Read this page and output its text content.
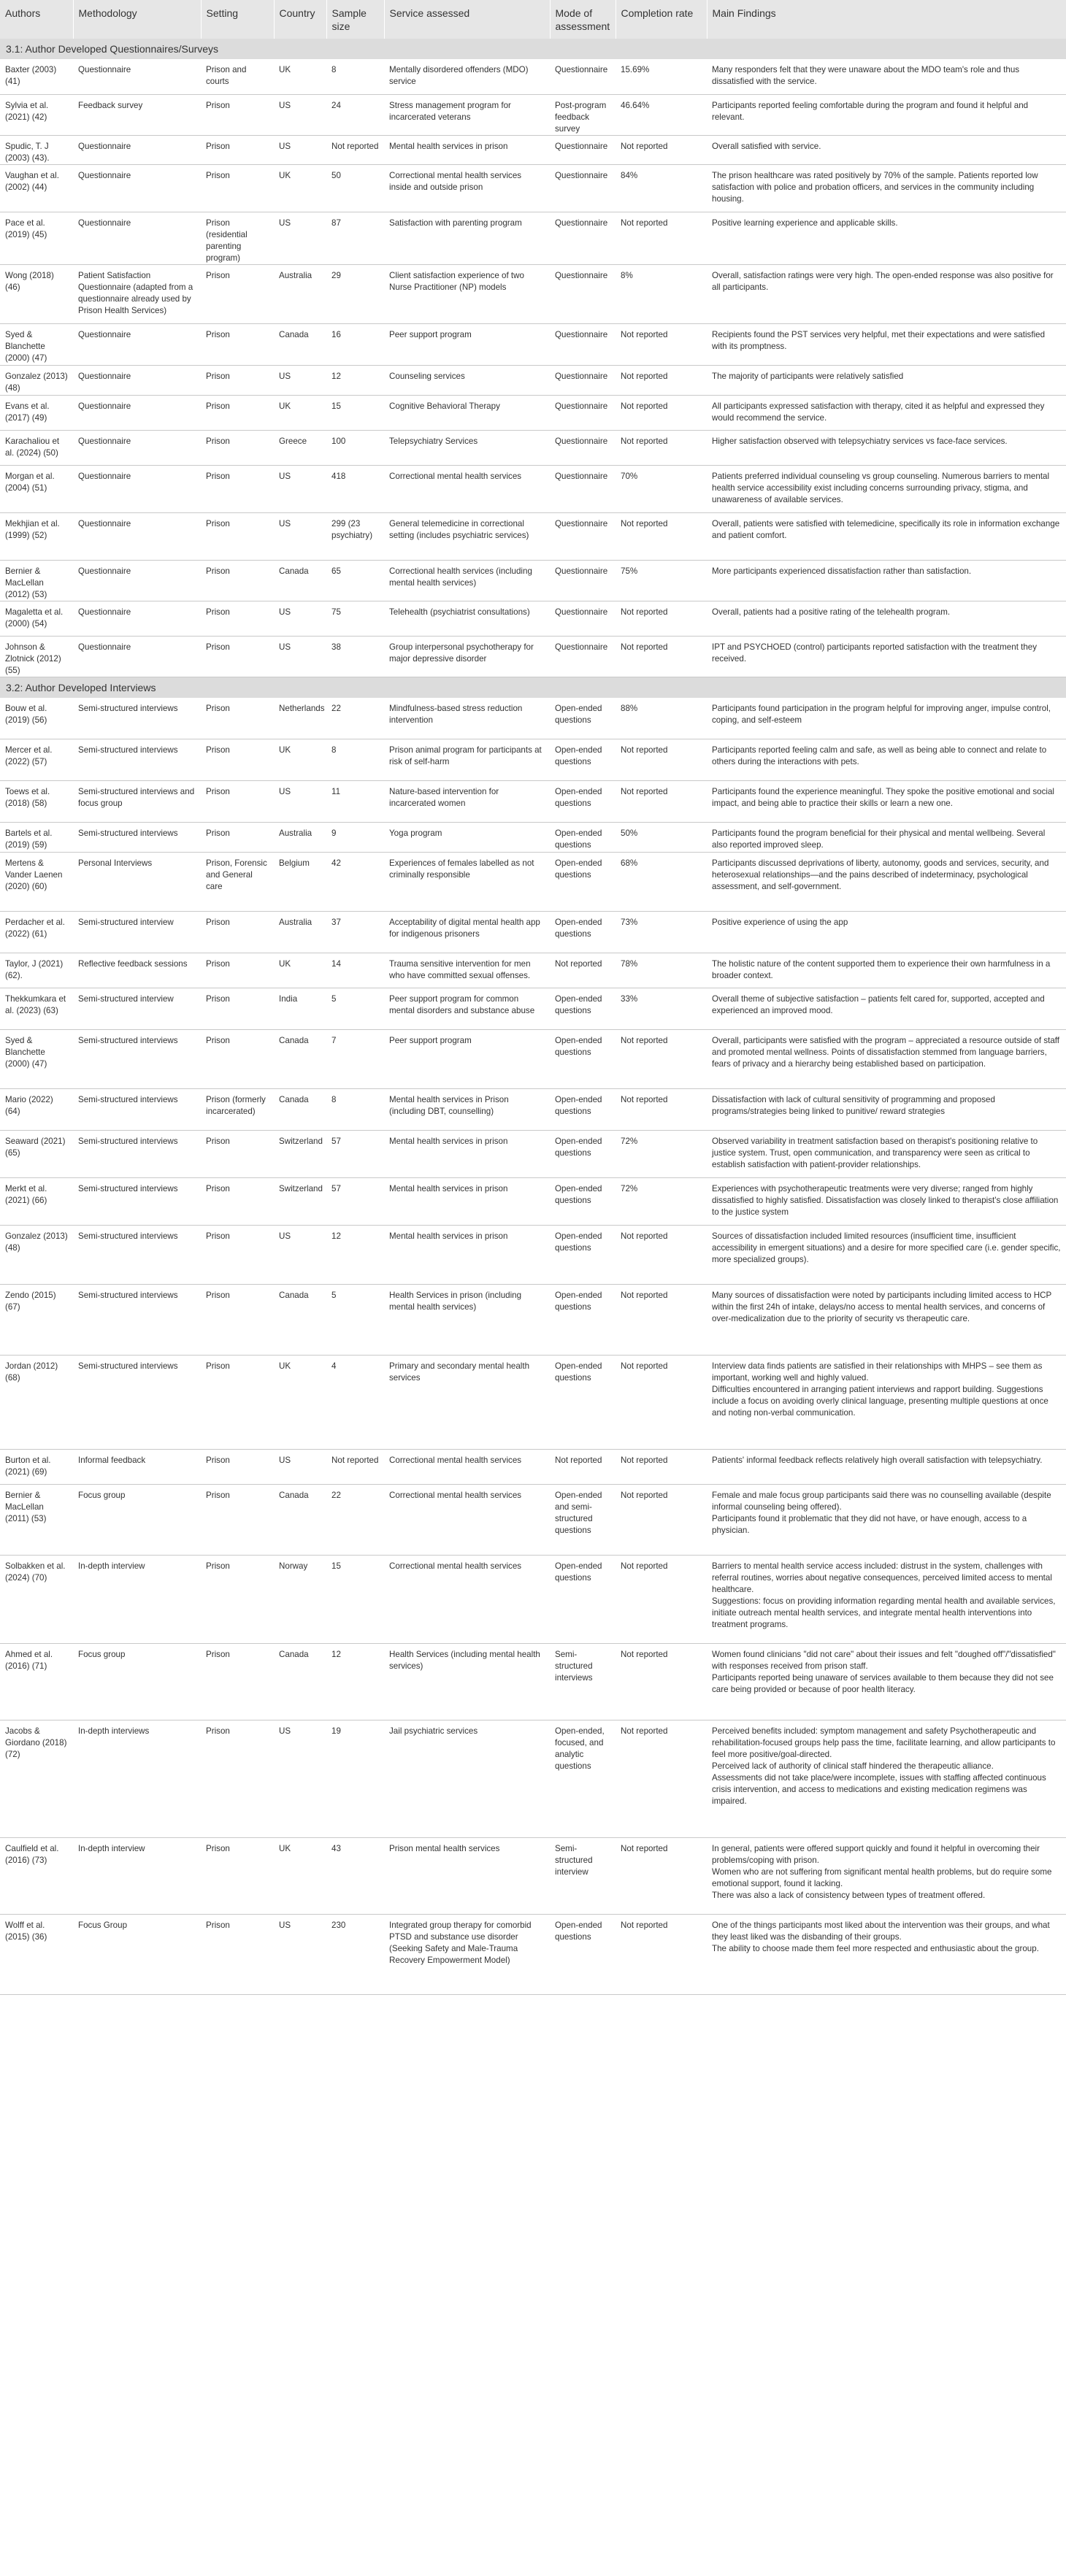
Authors	Methodology	Setting	Country	Sample size	Service assessed	Mode of assessment	Completion rate	Main Findings
3.1: Author Developed Questionnaires/Surveys								
Baxter (2003) (41)	Questionnaire	Prison and courts	UK	8	Mentally disordered offenders (MDO) service	Questionnaire	15.69%	Many responders felt that they were unaware about the MDO team's role and thus dissatisfied with the service.
Sylvia et al. (2021) (42)	Feedback survey	Prison	US	24	Stress management program for incarcerated veterans	Post-program feedback survey	46.64%	Participants reported feeling comfortable during the program and found it helpful and relevant.
Spudic, T. J (2003) (43).	Questionnaire	Prison	US	Not reported	Mental health services in prison	Questionnaire	Not reported	Overall satisfied with service.
Vaughan et al. (2002) (44)	Questionnaire	Prison	UK	50	Correctional mental health services inside and outside prison	Questionnaire	84%	The prison healthcare was rated positively by 70% of the sample. Patients reported low satisfaction with police and probation officers, and services in the community including housing.
Pace et al. (2019) (45)	Questionnaire	Prison (residential parenting program)	US	87	Satisfaction with parenting program	Questionnaire	Not reported	Positive learning experience and applicable skills.
Wong (2018) (46)	Patient Satisfaction Questionnaire (adapted from a questionnaire already used by Prison Health Services)	Prison	Australia	29	Client satisfaction experience of two Nurse Practitioner (NP) models	Questionnaire	8%	Overall, satisfaction ratings were very high. The open-ended response was also positive for all participants.
Syed & Blanchette (2000) (47)	Questionnaire	Prison	Canada	16	Peer support program	Questionnaire	Not reported	Recipients found the PST services very helpful, met their expectations and were satisfied with its promptness.
Gonzalez (2013) (48)	Questionnaire	Prison	US	12	Counseling services	Questionnaire	Not reported	The majority of participants were relatively satisfied
Evans et al. (2017) (49)	Questionnaire	Prison	UK	15	Cognitive Behavioral Therapy	Questionnaire	Not reported	All participants expressed satisfaction with therapy, cited it as helpful and expressed they would recommend the service.
Karachaliou et al. (2024) (50)	Questionnaire	Prison	Greece	100	Telepsychiatry Services	Questionnaire	Not reported	Higher satisfaction observed with telepsychiatry services vs face-face services.
Morgan et al. (2004) (51)	Questionnaire	Prison	US	418	Correctional mental health services	Questionnaire	70%	Patients preferred individual counseling vs group counseling. Numerous barriers to mental health service accessibility exist including concerns surrounding privacy, stigma, and unawareness of available services.
Mekhjian et al. (1999) (52)	Questionnaire	Prison	US	299 (23 psychiatry)	General telemedicine in correctional setting (includes psychiatric services)	Questionnaire	Not reported	Overall, patients were satisfied with telemedicine, specifically its role in information exchange and patient comfort.
Bernier & MacLellan (2012) (53)	Questionnaire	Prison	Canada	65	Correctional health services (including mental health services)	Questionnaire	75%	More participants experienced dissatisfaction rather than satisfaction.
Magaletta et al. (2000) (54)	Questionnaire	Prison	US	75	Telehealth (psychiatrist consultations)	Questionnaire	Not reported	Overall, patients had a positive rating of the telehealth program.
Johnson & Zlotnick (2012) (55)	Questionnaire	Prison	US	38	Group interpersonal psychotherapy for major depressive disorder	Questionnaire	Not reported	IPT and PSYCHOED (control) participants reported satisfaction with the treatment they received.
3.2: Author Developed Interviews								
Bouw et al. (2019) (56)	Semi-structured interviews	Prison	Netherlands	22	Mindfulness-based stress reduction intervention	Open-ended questions	88%	Participants found participation in the program helpful for improving anger, impulse control, coping, and self-esteem
Mercer et al. (2022) (57)	Semi-structured interviews	Prison	UK	8	Prison animal program for participants at risk of self-harm	Open-ended questions	Not reported	Participants reported feeling calm and safe, as well as being able to connect and relate to others during the interactions with pets.
Toews et al. (2018) (58)	Semi-structured interviews and focus group	Prison	US	11	Nature-based intervention for incarcerated women	Open-ended questions	Not reported	Participants found the experience meaningful. They spoke the positive emotional and social impact, and being able to practice their skills or learn a new one.
Bartels et al. (2019) (59)	Semi-structured interviews	Prison	Australia	9	Yoga program	Open-ended questions	50%	Participants found the program beneficial for their physical and mental wellbeing. Several also reported improved sleep.
Mertens & Vander Laenen (2020) (60)	Personal Interviews	Prison, Forensic and General care	Belgium	42	Experiences of females labelled as not criminally responsible	Open-ended questions	68%	Participants discussed deprivations of liberty, autonomy, goods and services, security, and heterosexual relationships—and the pains described of indeterminacy, psychological assessment, and self-government.
Perdacher et al. (2022) (61)	Semi-structured interview	Prison	Australia	37	Acceptability of digital mental health app for indigenous prisoners	Open-ended questions	73%	Positive experience of using the app
Taylor, J (2021) (62).	Reflective feedback sessions	Prison	UK	14	Trauma sensitive intervention for men who have committed sexual offenses.	Not reported	78%	The holistic nature of the content supported them to experience their own harmfulness in a broader context.
Thekkumkara et al. (2023) (63)	Semi-structured interview	Prison	India	5	Peer support program for common mental disorders and substance abuse	Open-ended questions	33%	Overall theme of subjective satisfaction – patients felt cared for, supported, accepted and experienced an improved mood.
Syed & Blanchette (2000) (47)	Semi-structured interviews	Prison	Canada	7	Peer support program	Open-ended questions	Not reported	Overall, participants were satisfied with the program – appreciated a resource outside of staff and promoted mental wellness. Points of dissatisfaction stemmed from language barriers, fears of privacy and a hierarchy being established based on participation.
Mario (2022) (64)	Semi-structured interviews	Prison (formerly incarcerated)	Canada	8	Mental health services in Prison (including DBT, counselling)	Open-ended questions	Not reported	Dissatisfaction with lack of cultural sensitivity of programming and proposed programs/strategies being linked to punitive/ reward strategies
Seaward (2021) (65)	Semi-structured interviews	Prison	Switzerland	57	Mental health services in prison	Open-ended questions	72%	Observed variability in treatment satisfaction based on therapist's positioning relative to justice system. Trust, open communication, and transparency were seen as critical to establish satisfaction with patient-provider relationships.
Merkt et al. (2021) (66)	Semi-structured interviews	Prison	Switzerland	57	Mental health services in prison	Open-ended questions	72%	Experiences with psychotherapeutic treatments were very diverse; ranged from highly dissatisfied to highly satisfied. Dissatisfaction was closely linked to therapist's close affiliation to the justice system
Gonzalez (2013) (48)	Semi-structured interviews	Prison	US	12	Mental health services in prison	Open-ended questions	Not reported	Sources of dissatisfaction included limited resources (insufficient time, insufficient accessibility in emergent situations) and a desire for more specified care (i.e. gender specific, more specialized groups).
Zendo (2015) (67)	Semi-structured interviews	Prison	Canada	5	Health Services in prison (including mental health services)	Open-ended questions	Not reported	Many sources of dissatisfaction were noted by participants including limited access to HCP within the first 24h of intake, delays/no access to mental health services, and concerns of over-medicalization due to the priority of security vs therapeutic care.
Jordan (2012) (68)	Semi-structured interviews	Prison	UK	4	Primary and secondary mental health services	Open-ended questions	Not reported	Interview data finds patients are satisfied in their relationships with MHPS – see them as important, working well and highly valued.
Difficulties encountered in arranging patient interviews and rapport building. Suggestions include a focus on avoiding overly clinical language, presenting multiple questions at once and noting non-verbal communication.
Burton et al. (2021) (69)	Informal feedback	Prison	US	Not reported	Correctional mental health services	Not reported	Not reported	Patients' informal feedback reflects relatively high overall satisfaction with telepsychiatry.
Bernier & MacLellan (2011) (53)	Focus group	Prison	Canada	22	Correctional mental health services	Open-ended and semi-structured questions	Not reported	Female and male focus group participants said there was no counselling available (despite informal counseling being offered).
Participants found it problematic that they did not have, or have enough, access to a physician.
Solbakken et al. (2024) (70)	In-depth interview	Prison	Norway	15	Correctional mental health services	Open-ended questions	Not reported	Barriers to mental health service access included: distrust in the system, challenges with referral routines, worries about negative consequences, perceived limited access to mental healthcare.
Suggestions: focus on providing information regarding mental health and available services, initiate outreach mental health services, and integrate mental health interventions into treatment programs.
Ahmed et al. (2016) (71)	Focus group	Prison	Canada	12	Health Services (including mental health services)	Semi-structured interviews	Not reported	Women found clinicians "did not care" about their issues and felt "doughed off"/"dissatisfied" with responses received from prison staff.
Participants reported being unaware of services available to them because they did not see care being provided or because of poor health literacy.
Jacobs & Giordano (2018) (72)	In-depth interviews	Prison	US	19	Jail psychiatric services	Open-ended, focused, and analytic questions	Not reported	Perceived benefits included: symptom management and safety Psychotherapeutic and rehabilitation-focused groups help pass the time, facilitate learning, and allow participants to feel more positive/goal-directed.
Perceived lack of authority of clinical staff hindered the therapeutic alliance.
Assessments did not take place/were incomplete, issues with staffing affected continuous crisis intervention, and access to medications and existing medication regimens was impaired.
Caulfield et al. (2016) (73)	In-depth interview	Prison	UK	43	Prison mental health services	Semi-structured interview	Not reported	In general, patients were offered support quickly and found it helpful in overcoming their problems/coping with prison.
Women who are not suffering from significant mental health problems, but do require some emotional support, found it lacking.
There was also a lack of consistency between types of treatment offered.
Wolff et al. (2015) (36)	Focus Group	Prison	US	230	Integrated group therapy for comorbid PTSD and substance use disorder (Seeking Safety and Male-Trauma Recovery Empowerment Model)	Open-ended questions	Not reported	One of the things participants most liked about the intervention was their groups, and what they least liked was the disbanding of their groups.
The ability to choose made them feel more respected and enthusiastic about the group.
